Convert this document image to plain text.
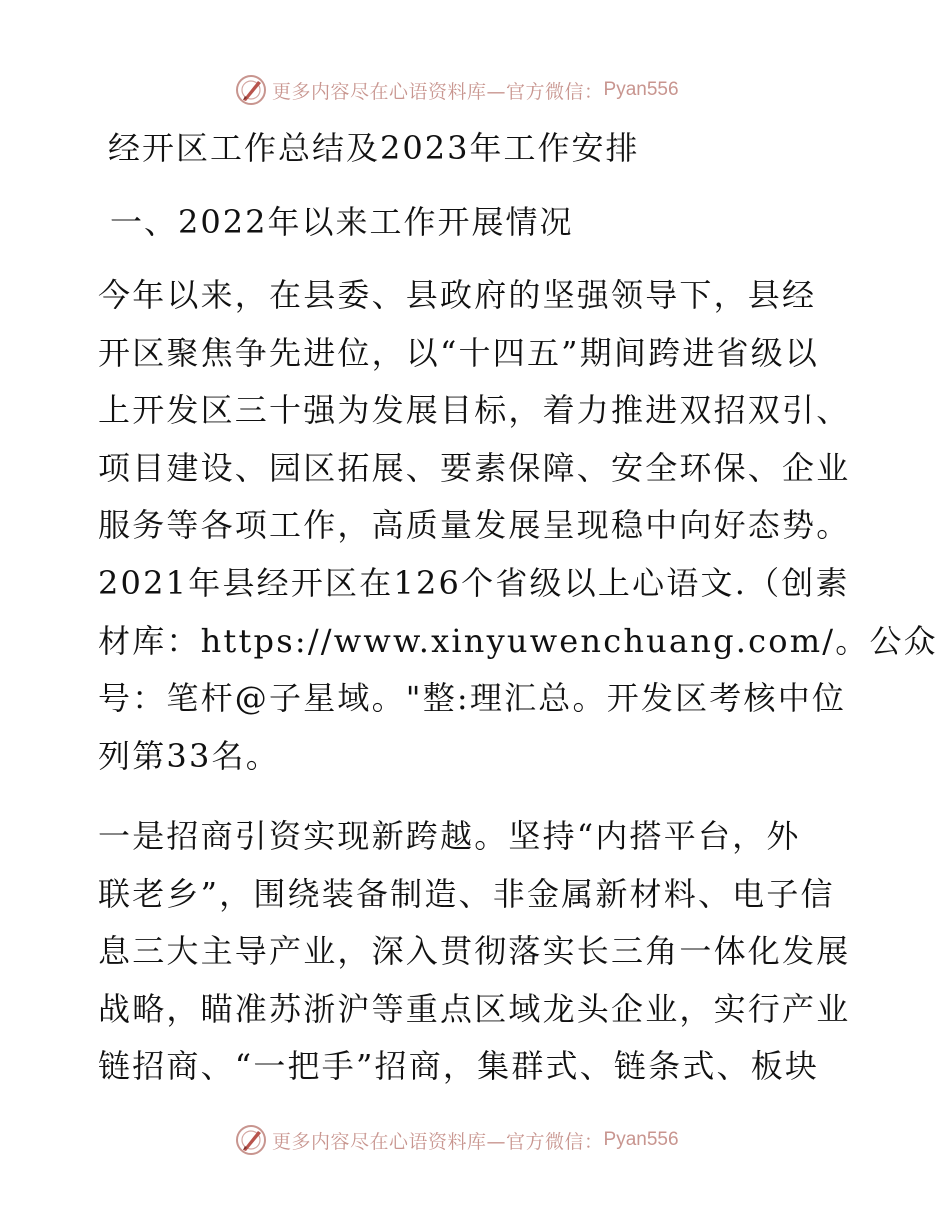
更多内容尽在心语资料库—官方微信： Pyan556
经开区工作总结及2023年工作安排
一、2022年以来工作开展情况
今年以来，在县委、县政府的坚强领导下，县经
开区聚焦争先进位，以“十四五”期间跨进省级以
上开发区三十强为发展目标，着力推进双招双引、
项目建设、园区拓展、要素保障、安全环保、企业
服务等各项工作，高质量发展呈现稳中向好态势。
2021年县经开区在126个省级以上心语文.（创素
材库：https://www.xinyuwenchuang.com/。公众
号：笔杆@子星域。"整:理汇总。开发区考核中位
列第33名。
一是招商引资实现新跨越。坚持“内搭平台，外
联老乡”，围绕装备制造、非金属新材料、电子信
息三大主导产业，深入贯彻落实长三角一体化发展
战略，瞄准苏浙沪等重点区域龙头企业，实行产业
链招商、“一把手”招商，集群式、链条式、板块
更多内容尽在心语资料库—官方微信： Pyan556
